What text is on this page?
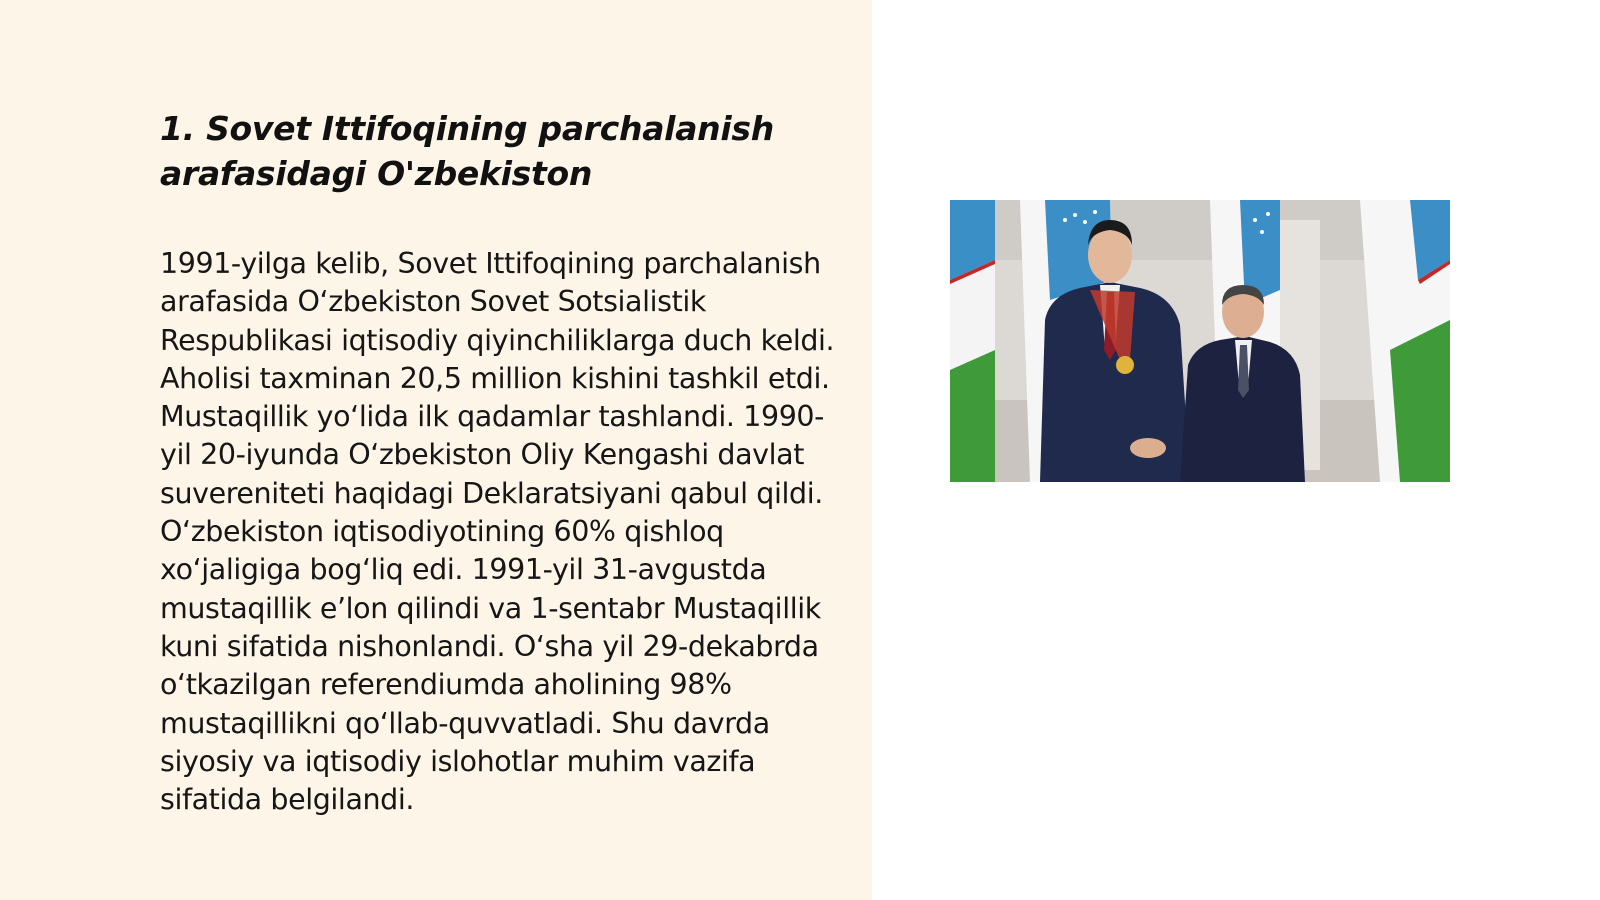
1. Sovet Ittifoqining parchalanish arafasidagi O'zbekiston

1991-yilga kelib, Sovet Ittifoqining parchalanish arafasida O‘zbekiston Sovet Sotsialistik Respublikasi iqtisodiy qiyinchiliklarga duch keldi. Aholisi taxminan 20,5 million kishini tashkil etdi. Mustaqillik yo‘lida ilk qadamlar tashlandi. 1990-yil 20-iyunda O‘zbekiston Oliy Kengashi davlat suvereniteti haqidagi Deklaratsiyani qabul qildi. O‘zbekiston iqtisodiyotining 60% qishloq xo‘jaligiga bog‘liq edi. 1991-yil 31-avgustda mustaqillik e’lon qilindi va 1-sentabr Mustaqillik kuni sifatida nishonlandi. O‘sha yil 29-dekabrda o‘tkazilgan referendiumda aholining 98% mustaqillikni qo‘llab-quvvatladi. Shu davrda siyosiy va iqtisodiy islohotlar muhim vazifa sifatida belgilandi.
